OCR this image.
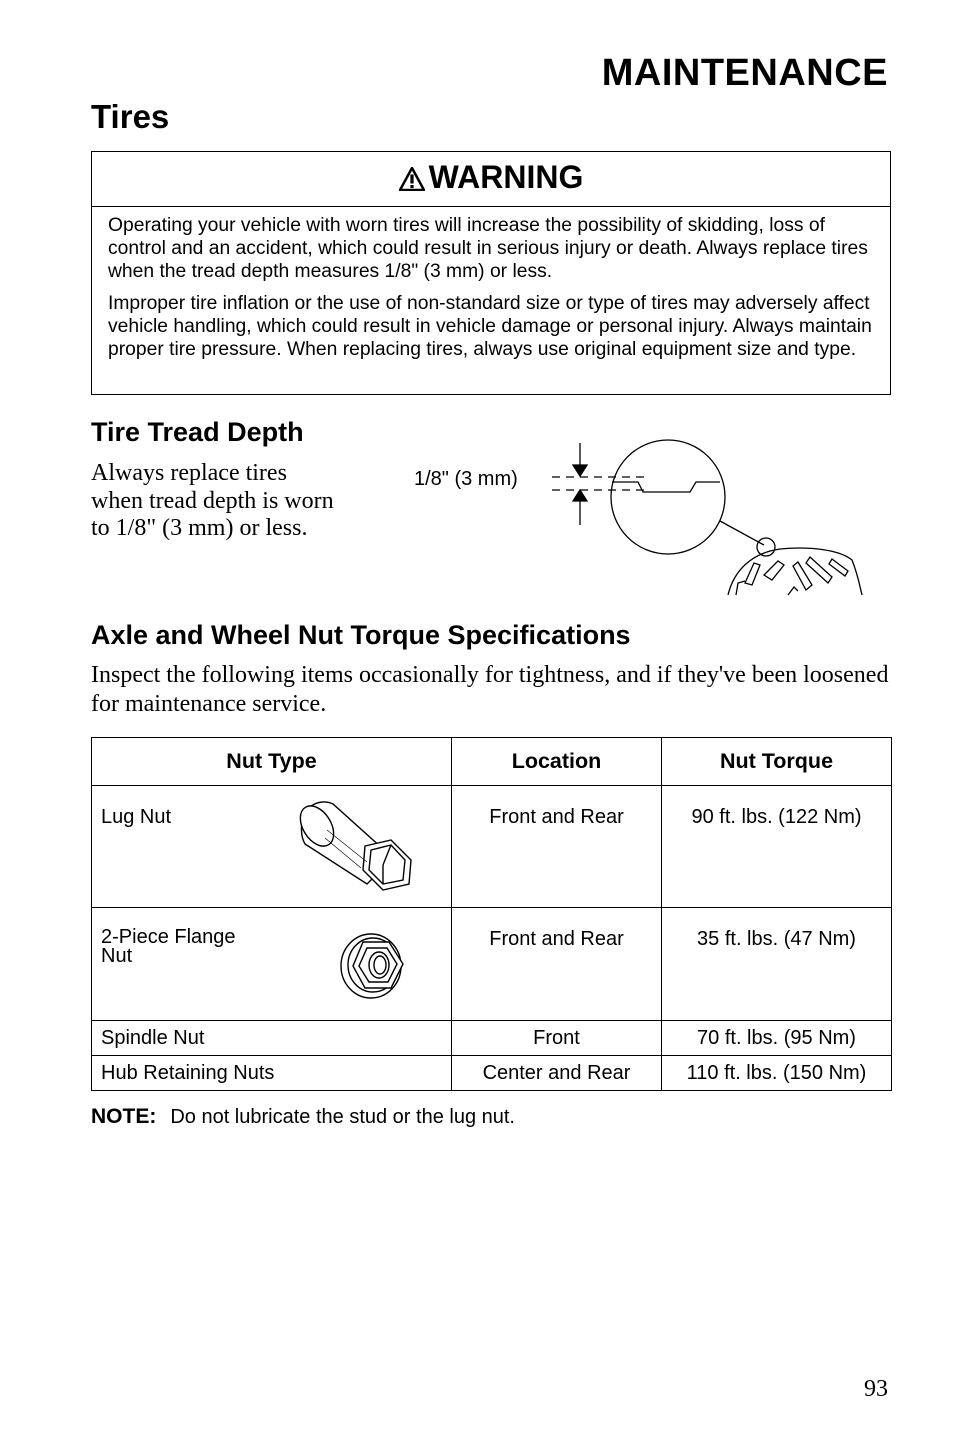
MAINTENANCE
Tires
WARNING

Operating your vehicle with worn tires will increase the possibility of skidding, loss of control and an accident, which could result in serious injury or death. Always replace tires when the tread depth measures 1/8" (3 mm) or less.

Improper tire inflation or the use of non-standard size or type of tires may adversely affect vehicle handling, which could result in vehicle damage or personal injury. Always maintain proper tire pressure. When replacing tires, always use original equipment size and type.

Tire Tread Depth
Always replace tires when tread depth is worn to 1/8" (3 mm) or less.
1/8" (3 mm)
Axle and Wheel Nut Torque Specifications
Inspect the following items occasionally for tightness, and if they've been loosened for maintenance service.
Nut Type	Location	Nut Torque
Lug Nut	Front and Rear	90 ft. lbs. (122 Nm)

2-Piece Flange
Nut	Front and Rear	35 ft. lbs. (47 Nm)
Spindle Nut	Front	70 ft. lbs. (95 Nm)
Hub Retaining Nuts	Center and Rear	110 ft. lbs. (150 Nm)
NOTE: Do not lubricate the stud or the lug nut.
93
